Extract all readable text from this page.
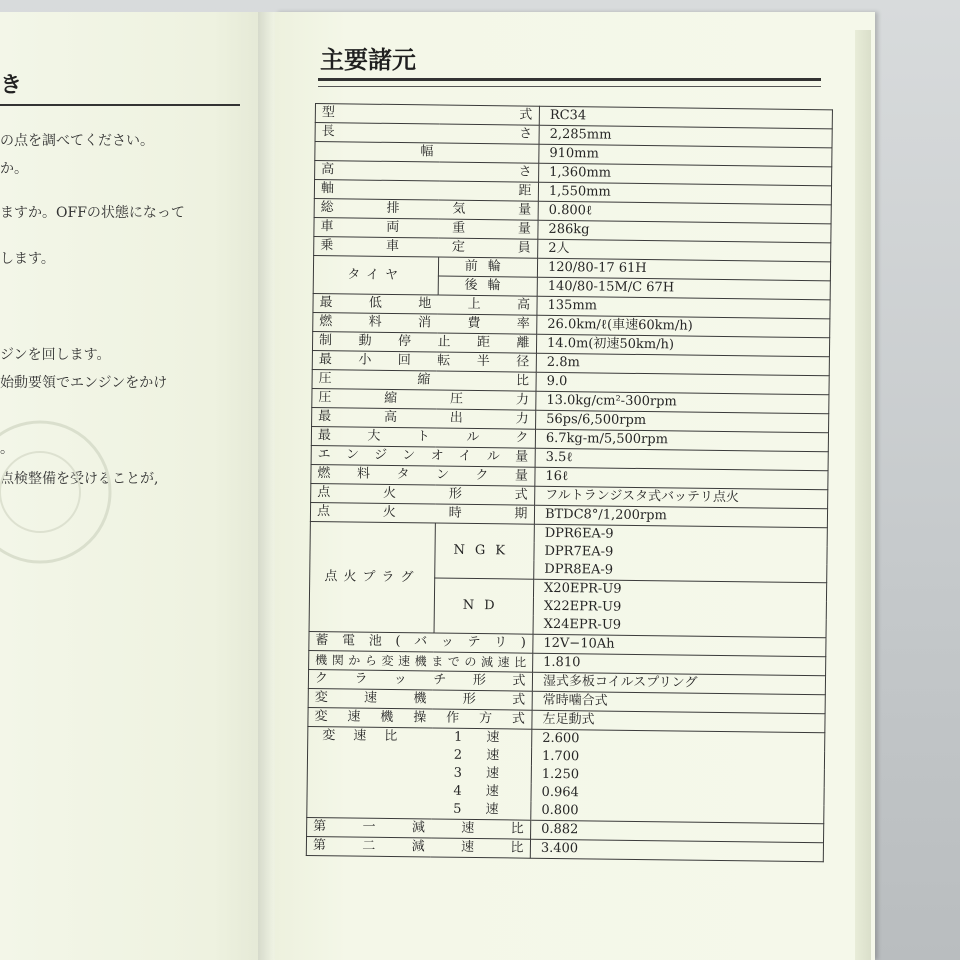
き
の点を調べてください。
か。
ますか。OFFの状態になって
します。
ジンを回します。
始動要領でエンジンをかけ
。
点検整備を受けることが,
主要諸元
型　式		RC34
長　さ		2,285mm
幅		910mm
高　さ		1,360mm
軸　距		1,550mm
総排気量		0.800ℓ
車両重量		286kg
乗車定員		2人
タイヤ	前輪	120/80-17 61H
	後輪	140/80-15M/C 67H
最低地上高		135mm
燃料消費率		26.0km/ℓ(車速60km/h)
制動停止距離		14.0m(初速50km/h)
最小回転半径		2.8m
圧縮比		9.0
圧縮圧力		13.0kg/cm²-300rpm
最高出力		56ps/6,500rpm
最大トルク		6.7kg-m/5,500rpm
エンジンオイル量		3.5ℓ
燃料タンク量		16ℓ
点火形式		フルトランジスタ式バッテリ点火
点火時期		BTDC8°/1,200rpm
点火プラグ	NGK	DPR6EA-9
		DPR7EA-9
		DPR8EA-9
	ND	X20EPR-U9
		X22EPR-U9
		X24EPR-U9
蓄電池(バッテリ)		12V−10Ah
機関から変速機までの減速比		1.810
クラッチ形式		湿式多板コイルスプリング
変速機形式		常時噛合式
変速機操作方式		左足動式
変速比	1 速	2.600
	2 速	1.700
	3 速	1.250
	4 速	0.964
	5 速	0.800
第一減速比		0.882
第二減速比		3.400
